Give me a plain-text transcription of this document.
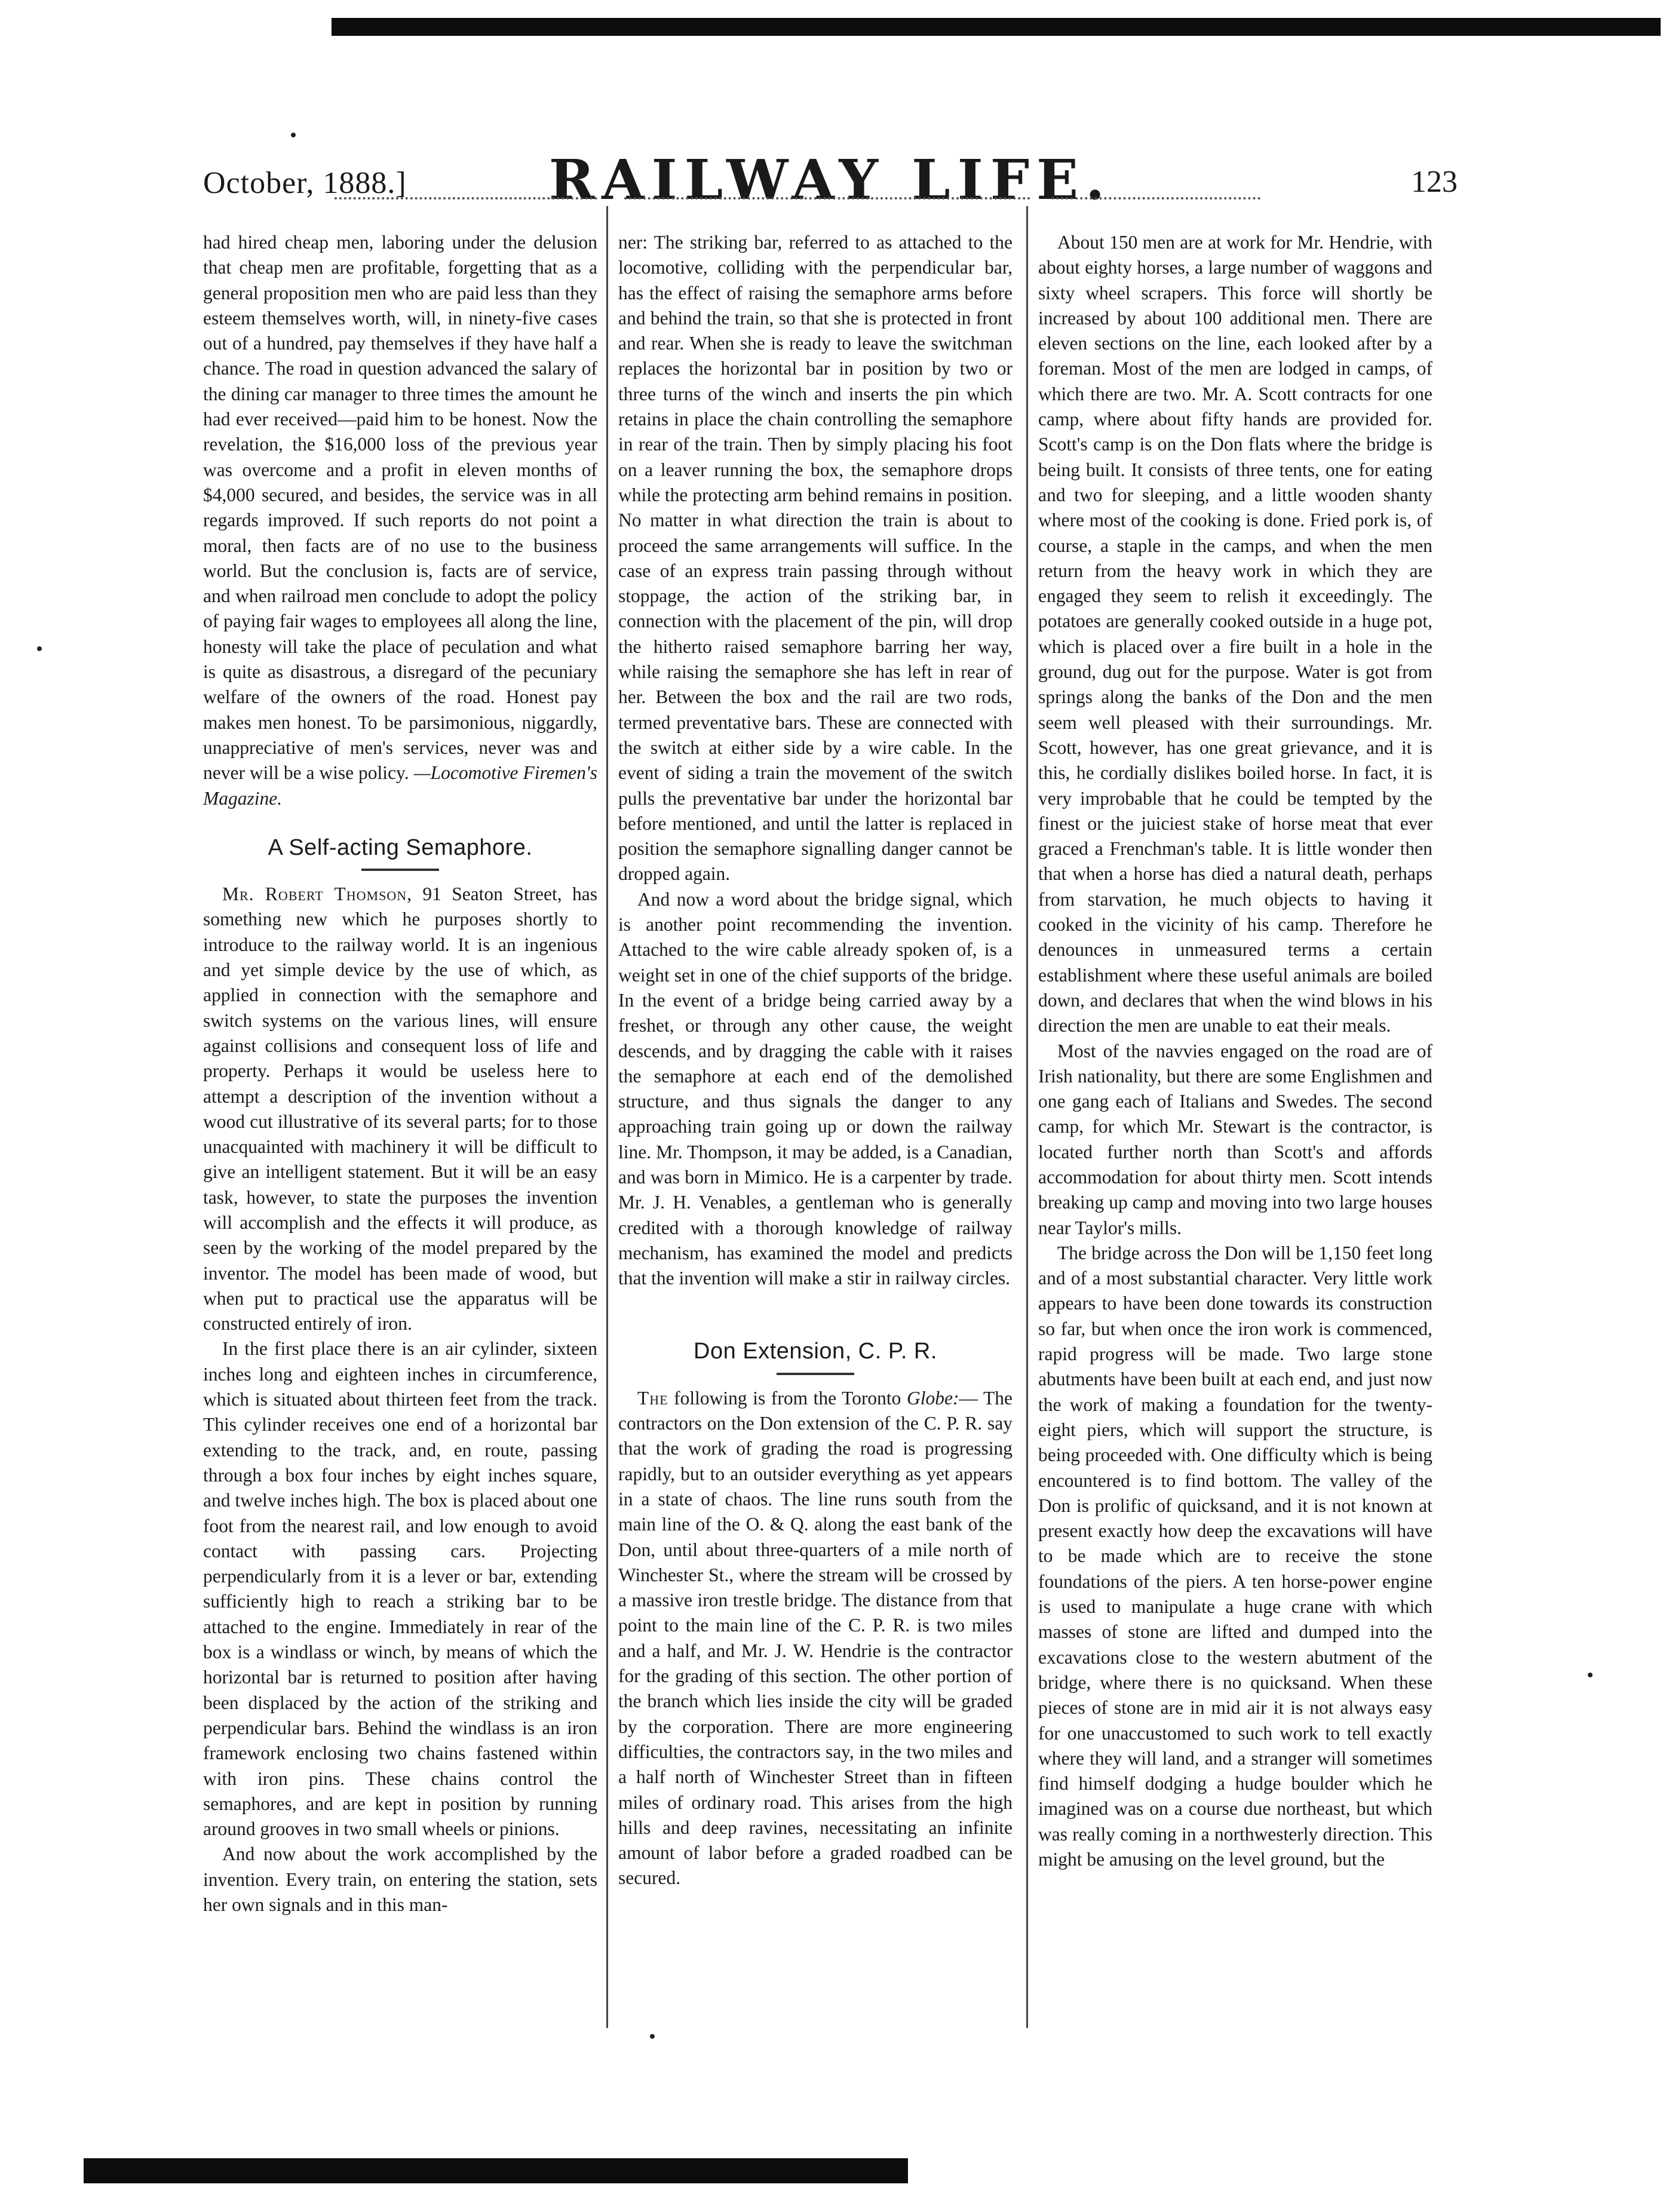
October, 1888.]	RAILWAY LIFE.	123

had hired cheap men, laboring under the delusion that cheap men are profitable, forgetting that as a general proposition men who are paid less than they esteem themselves worth, will, in ninety-five cases out of a hundred, pay themselves if they have half a chance. The road in question advanced the salary of the dining car manager to three times the amount he had ever received—paid him to be honest. Now the revelation, the $16,000 loss of the previous year was overcome and a profit in eleven months of $4,000 secured, and besides, the service was in all regards improved. If such reports do not point a moral, then facts are of no use to the business world. But the conclusion is, facts are of service, and when railroad men conclude to adopt the policy of paying fair wages to employees all along the line, honesty will take the place of peculation and what is quite as disastrous, a disregard of the pecuniary welfare of the owners of the road. Honest pay makes men honest. To be parsimonious, niggardly, unappreciative of men's services, never was and never will be a wise policy. —Locomotive Firemen's Magazine.

A Self-acting Semaphore.

Mr. Robert Thomson, 91 Seaton Street, has something new which he purposes shortly to introduce to the railway world. It is an ingenious and yet simple device by the use of which, as applied in connection with the semaphore and switch systems on the various lines, will ensure against collisions and consequent loss of life and property. Perhaps it would be useless here to attempt a description of the invention without a wood cut illustrative of its several parts; for to those unacquainted with machinery it will be difficult to give an intelligent statement. But it will be an easy task, however, to state the purposes the invention will accomplish and the effects it will produce, as seen by the working of the model prepared by the inventor. The model has been made of wood, but when put to practical use the apparatus will be constructed entirely of iron.

In the first place there is an air cylinder, sixteen inches long and eighteen inches in circumference, which is situated about thirteen feet from the track. This cylinder receives one end of a horizontal bar extending to the track, and, en route, passing through a box four inches by eight inches square, and twelve inches high. The box is placed about one foot from the nearest rail, and low enough to avoid contact with passing cars. Projecting perpendicularly from it is a lever or bar, extending sufficiently high to reach a striking bar to be attached to the engine. Immediately in rear of the box is a windlass or winch, by means of which the horizontal bar is returned to position after having been displaced by the action of the striking and perpendicular bars. Behind the windlass is an iron framework enclosing two chains fastened within with iron pins. These chains control the semaphores, and are kept in position by running around grooves in two small wheels or pinions.

And now about the work accomplished by the invention. Every train, on entering the station, sets her own signals and in this man-

ner: The striking bar, referred to as attached to the locomotive, colliding with the perpendicular bar, has the effect of raising the semaphore arms before and behind the train, so that she is protected in front and rear. When she is ready to leave the switchman replaces the horizontal bar in position by two or three turns of the winch and inserts the pin which retains in place the chain controlling the semaphore in rear of the train. Then by simply placing his foot on a leaver running the box, the semaphore drops while the protecting arm behind remains in position. No matter in what direction the train is about to proceed the same arrangements will suffice. In the case of an express train passing through without stoppage, the action of the striking bar, in connection with the placement of the pin, will drop the hitherto raised semaphore barring her way, while raising the semaphore she has left in rear of her. Between the box and the rail are two rods, termed preventative bars. These are connected with the switch at either side by a wire cable. In the event of siding a train the movement of the switch pulls the preventative bar under the horizontal bar before mentioned, and until the latter is replaced in position the semaphore signalling danger cannot be dropped again.

And now a word about the bridge signal, which is another point recommending the invention. Attached to the wire cable already spoken of, is a weight set in one of the chief supports of the bridge. In the event of a bridge being carried away by a freshet, or through any other cause, the weight descends, and by dragging the cable with it raises the semaphore at each end of the demolished structure, and thus signals the danger to any approaching train going up or down the railway line. Mr. Thompson, it may be added, is a Canadian, and was born in Mimico. He is a carpenter by trade. Mr. J. H. Venables, a gentleman who is generally credited with a thorough knowledge of railway mechanism, has examined the model and predicts that the invention will make a stir in railway circles.

Don Extension, C. P. R.

The following is from the Toronto Globe:— The contractors on the Don extension of the C. P. R. say that the work of grading the road is progressing rapidly, but to an outsider everything as yet appears in a state of chaos. The line runs south from the main line of the O. & Q. along the east bank of the Don, until about three-quarters of a mile north of Winchester St., where the stream will be crossed by a massive iron trestle bridge. The distance from that point to the main line of the C. P. R. is two miles and a half, and Mr. J. W. Hendrie is the contractor for the grading of this section. The other portion of the branch which lies inside the city will be graded by the corporation. There are more engineering difficulties, the contractors say, in the two miles and a half north of Winchester Street than in fifteen miles of ordinary road. This arises from the high hills and deep ravines, necessitating an infinite amount of labor before a graded roadbed can be secured.

About 150 men are at work for Mr. Hendrie, with about eighty horses, a large number of waggons and sixty wheel scrapers. This force will shortly be increased by about 100 additional men. There are eleven sections on the line, each looked after by a foreman. Most of the men are lodged in camps, of which there are two. Mr. A. Scott contracts for one camp, where about fifty hands are provided for. Scott's camp is on the Don flats where the bridge is being built. It consists of three tents, one for eating and two for sleeping, and a little wooden shanty where most of the cooking is done. Fried pork is, of course, a staple in the camps, and when the men return from the heavy work in which they are engaged they seem to relish it exceedingly. The potatoes are generally cooked outside in a huge pot, which is placed over a fire built in a hole in the ground, dug out for the purpose. Water is got from springs along the banks of the Don and the men seem well pleased with their surroundings. Mr. Scott, however, has one great grievance, and it is this, he cordially dislikes boiled horse. In fact, it is very improbable that he could be tempted by the finest or the juiciest stake of horse meat that ever graced a Frenchman's table. It is little wonder then that when a horse has died a natural death, perhaps from starvation, he much objects to having it cooked in the vicinity of his camp. Therefore he denounces in unmeasured terms a certain establishment where these useful animals are boiled down, and declares that when the wind blows in his direction the men are unable to eat their meals.

Most of the navvies engaged on the road are of Irish nationality, but there are some Englishmen and one gang each of Italians and Swedes. The second camp, for which Mr. Stewart is the contractor, is located further north than Scott's and affords accommodation for about thirty men. Scott intends breaking up camp and moving into two large houses near Taylor's mills.

The bridge across the Don will be 1,150 feet long and of a most substantial character. Very little work appears to have been done towards its construction so far, but when once the iron work is commenced, rapid progress will be made. Two large stone abutments have been built at each end, and just now the work of making a foundation for the twenty-eight piers, which will support the structure, is being proceeded with. One difficulty which is being encountered is to find bottom. The valley of the Don is prolific of quicksand, and it is not known at present exactly how deep the excavations will have to be made which are to receive the stone foundations of the piers. A ten horse-power engine is used to manipulate a huge crane with which masses of stone are lifted and dumped into the excavations close to the western abutment of the bridge, where there is no quicksand. When these pieces of stone are in mid air it is not always easy for one unaccustomed to such work to tell exactly where they will land, and a stranger will sometimes find himself dodging a hudge boulder which he imagined was on a course due northeast, but which was really coming in a northwesterly direction. This might be amusing on the level ground, but the
